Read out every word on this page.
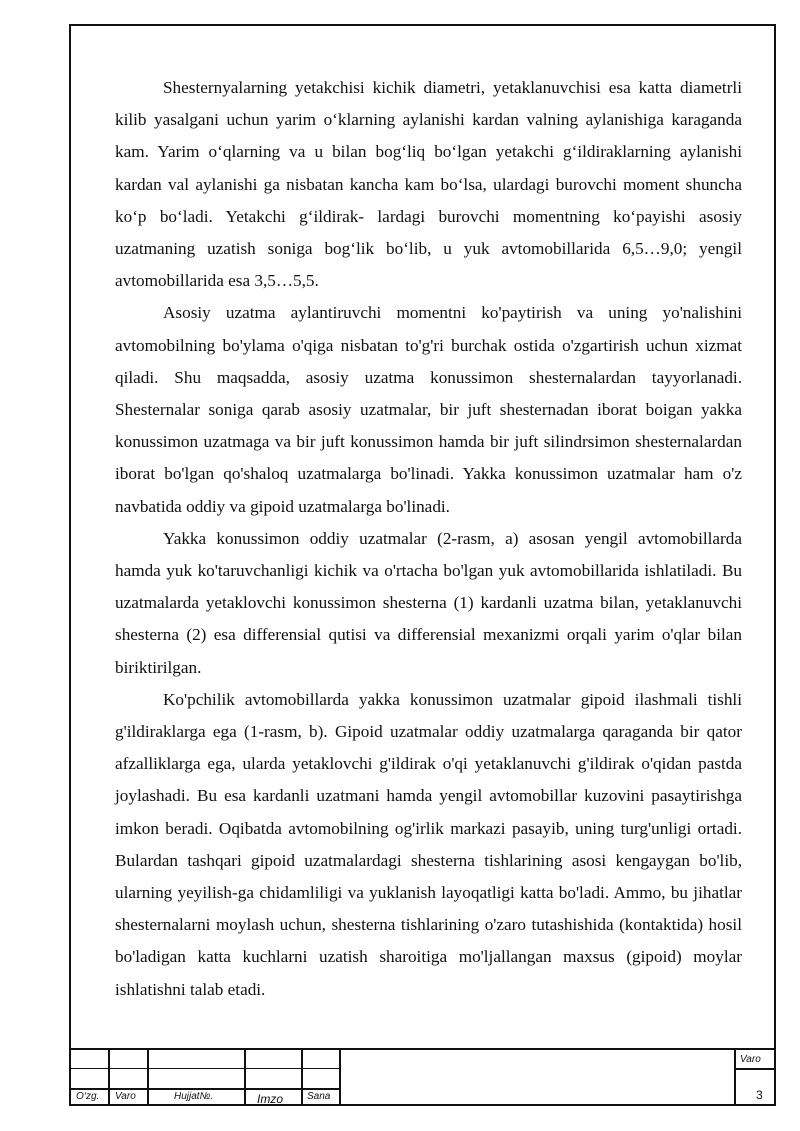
Shesternyalarning yetakchisi kichik diametri, yetaklanuvchisi esa katta diametrli kilib yasalgani uchun yarim o‘klarning aylanishi kardan valning aylanishiga karaganda kam. Yarim o‘qlarning va u bilan bog‘liq bo‘lgan yetakchi g‘ildiraklarning aylanishi kardan val aylanishi ga nisbatan kancha kam bo‘lsa, ulardagi burovchi moment shuncha ko‘p bo‘ladi. Yetakchi g‘ildirak- lardagi burovchi momentning ko‘payishi asosiy uzatmaning uzatish soniga bog‘lik bo‘lib, u yuk avtomobillarida 6,5…9,0; yengil avtomobillarida esa 3,5…5,5.

Asosiy uzatma aylantiruvchi momentni ko'paytirish va uning yo'nalishini avtomobilning bo'ylama o'qiga nisbatan to'g'ri burchak ostida o'zgartirish uchun xizmat qiladi. Shu maqsadda, asosiy uzatma konussimon shesternalardan tayyorlanadi. Shesternalar soniga qarab asosiy uzatmalar, bir juft shesternadan iborat boigan yakka konussimon uzatmaga va bir juft konussimon hamda bir juft silindrsimon shesternalardan iborat bo'lgan qo'shaloq uzatmalarga bo'linadi. Yakka konussimon uzatmalar ham o'z navbatida oddiy va gipoid uzatmalarga bo'linadi.

Yakka konussimon oddiy uzatmalar (2-rasm, a) asosan yengil avtomobillarda hamda yuk ko'taruvchanligi kichik va o'rtacha bo'lgan yuk avtomobillarida ishlatiladi. Bu uzatmalarda yetaklovchi konussimon shesterna (1) kardanli uzatma bilan, yetaklanuvchi shesterna (2) esa differensial qutisi va differensial mexanizmi orqali yarim o'qlar bilan biriktirilgan.

Ko'pchilik avtomobillarda yakka konussimon uzatmalar gipoid ilashmali tishli g'ildiraklarga ega (1-rasm, b). Gipoid uzatmalar oddiy uzatmalarga qaraganda bir qator afzalliklarga ega, ularda yetaklovchi g'ildirak o'qi yetaklanuvchi g'ildirak o'qidan pastda joylashadi. Bu esa kardanli uzatmani hamda yengil avtomobillar kuzovini pasaytirishga imkon beradi. Oqibatda avtomobilning og'irlik markazi pasayib, uning turg'unligi ortadi. Bulardan tashqari gipoid uzatmalardagi shesterna tishlarining asosi kengaygan bo'lib, ularning yeyilish-ga chidamliligi va yuklanish layoqatligi katta bo'ladi. Ammo, bu jihatlar shesternalarni moylash uchun, shesterna tishlarining o'zaro tutashishida (kontaktida) hosil bo'ladigan katta kuchlarni uzatish sharoitiga mo'ljallangan maxsus (gipoid) moylar ishlatishni talab etadi.

O‘zg. Varo	Hujjat№.	Imzo Sana
Varo
3
